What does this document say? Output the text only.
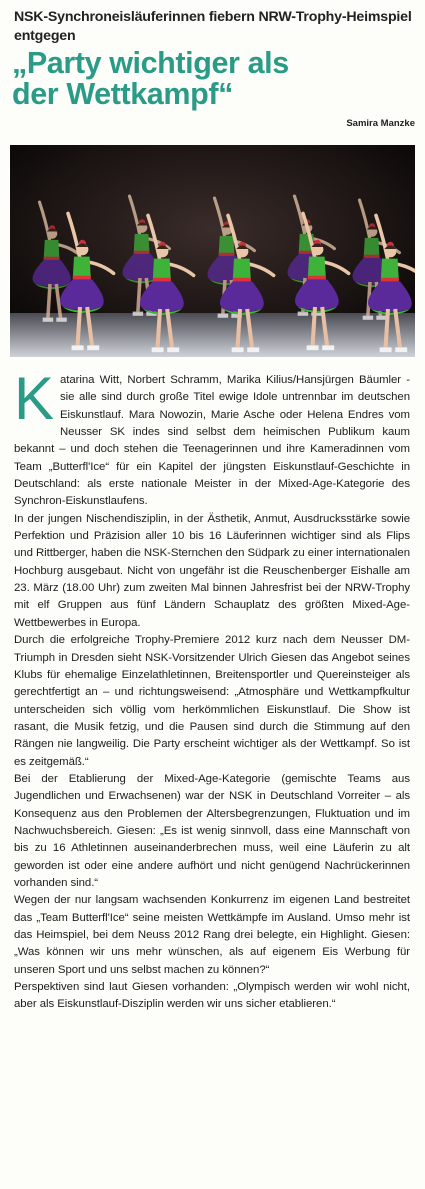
NSK-Synchroneisläuferinnen fiebern NRW-Trophy-Heimspiel entgegen
„Party wichtiger als der Wettkampf“
Samira Manzke
K atarina Witt, Norbert Schramm, Marika Kilius/Hansjürgen Bäumler - sie alle sind durch große Titel ewige Idole untrennbar im deutschen Eiskunstlauf. Mara Nowozin, Marie Asche oder Helena Endres vom Neusser SK indes sind selbst dem heimischen Publikum kaum bekannt – und doch stehen die Teenagerinnen und ihre Kameradinnen vom Team „Butterfl'Ice“ für ein Kapitel der jüngsten Eiskunstlauf-Geschichte in Deutschland: als erste nationale Meister in der Mixed-Age-Kategorie des Synchron-Eiskunstlaufens.

In der jungen Nischendisziplin, in der Ästhetik, Anmut, Ausdrucksstärke sowie Perfektion und Präzision aller 10 bis 16 Läuferinnen wichtiger sind als Flips und Rittberger, haben die NSK-Sternchen den Südpark zu einer internationalen Hochburg ausgebaut. Nicht von ungefähr ist die Reuschenberger Eishalle am 23. März (18.00 Uhr) zum zweiten Mal binnen Jahresfrist bei der NRW-Trophy mit elf Gruppen aus fünf Ländern Schauplatz des größten Mixed-Age-Wettbewerbes in Europa.

Durch die erfolgreiche Trophy-Premiere 2012 kurz nach dem Neusser DM-Triumph in Dresden sieht NSK-Vorsitzender Ulrich Giesen das Angebot seines Klubs für ehemalige Einzelathletinnen, Breitensportler und Quereinsteiger als gerechtfertigt an – und richtungsweisend: „Atmosphäre und Wettkampfkultur unterscheiden sich völlig vom herkömmlichen Eiskunstlauf. Die Show ist rasant, die Musik fetzig, und die Pausen sind durch die Stimmung auf den Rängen nie langweilig. Die Party erscheint wichtiger als der Wettkampf. So ist es zeitgemäß.“

Bei der Etablierung der Mixed-Age-Kategorie (gemischte Teams aus Jugendlichen und Erwachsenen) war der NSK in Deutschland Vorreiter – als Konsequenz aus den Problemen der Altersbegrenzungen, Fluktuation und im Nachwuchsbereich. Giesen: „Es ist wenig sinnvoll, dass eine Mannschaft von bis zu 16 Athletinnen auseinanderbrechen muss, weil eine Läuferin zu alt geworden ist oder eine andere aufhört und nicht genügend Nachrückerinnen vorhanden sind.“

Wegen der nur langsam wachsenden Konkurrenz im eigenen Land bestreitet das „Team Butterfl'Ice“ seine meisten Wettkämpfe im Ausland. Umso mehr ist das Heimspiel, bei dem Neuss 2012 Rang drei belegte, ein Highlight. Giesen: „Was können wir uns mehr wünschen, als auf eigenem Eis Werbung für unseren Sport und uns selbst machen zu können?“

Perspektiven sind laut Giesen vorhanden: „Olympisch werden wir wohl nicht, aber als Eiskunstlauf-Disziplin werden wir uns sicher etablieren.“
